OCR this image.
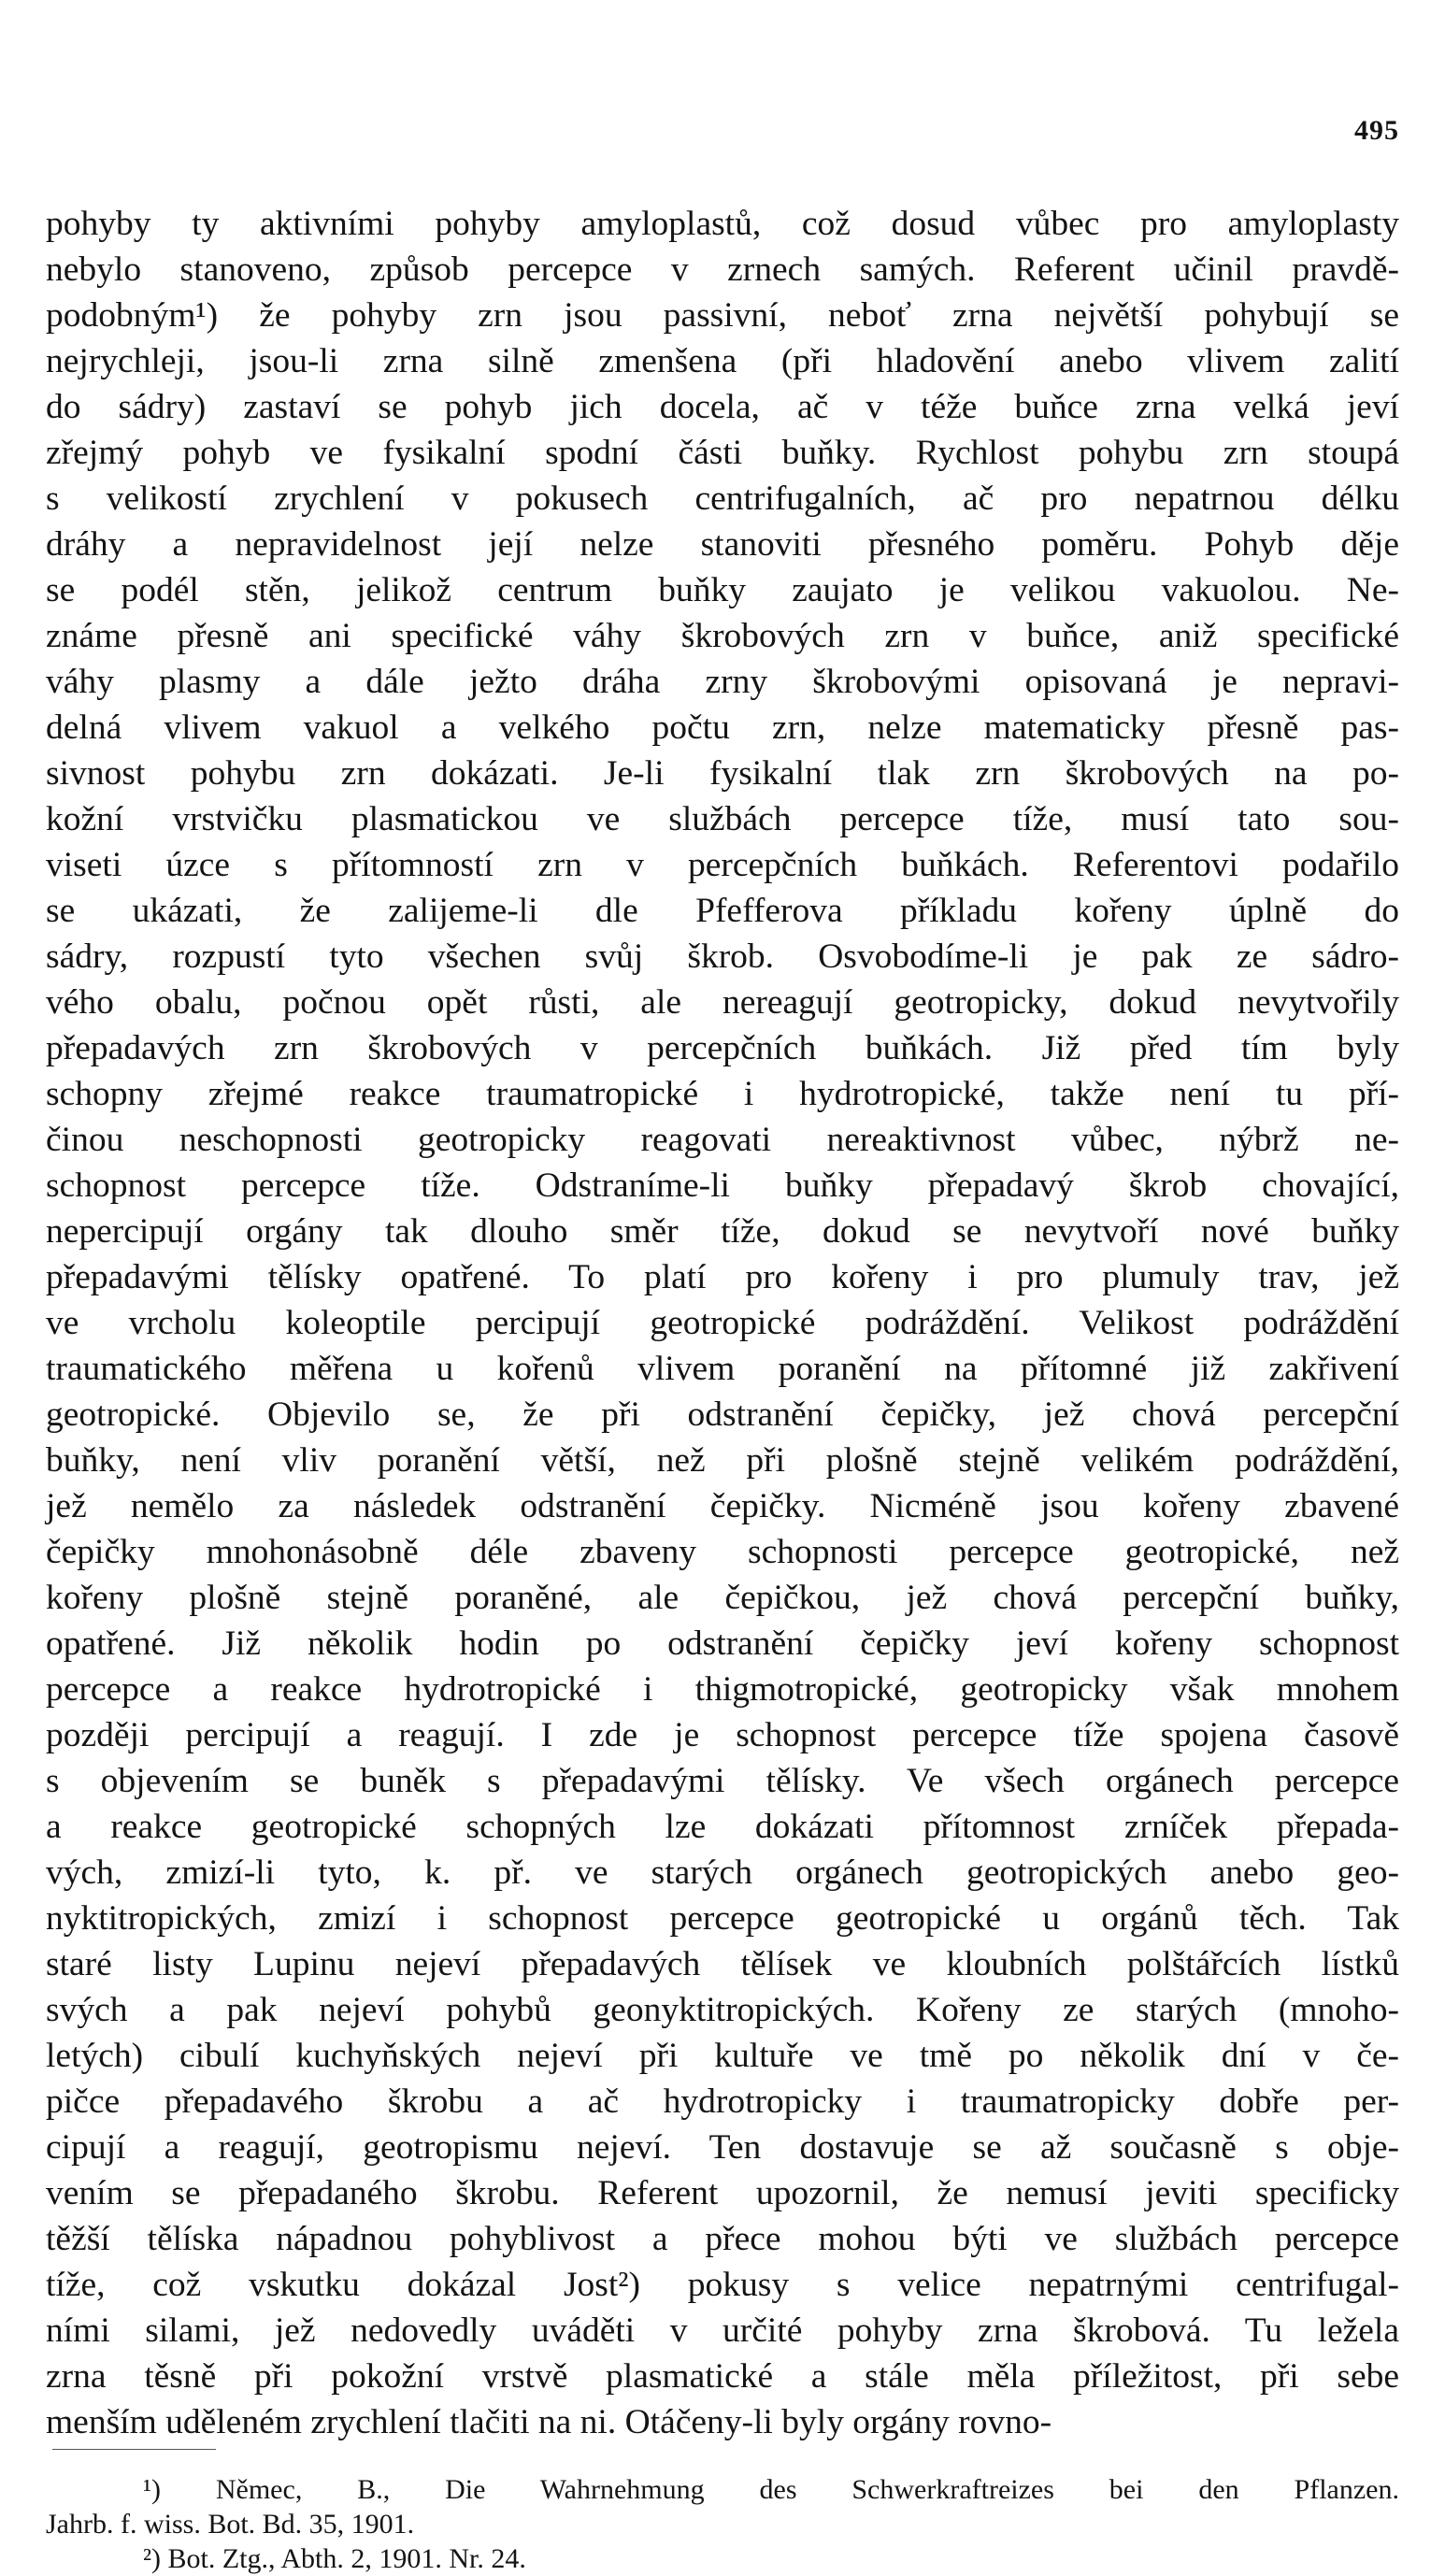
495
pohyby ty aktivními pohyby amyloplastů, což dosud vůbec pro amyloplasty
nebylo stanoveno, způsob percepce v zrnech samých. Referent učinil pravdě-
podobným¹) že pohyby zrn jsou passivní, neboť zrna největší pohybují se
nejrychleji, jsou-li zrna silně zmenšena (při hladovění anebo vlivem zalití
do sádry) zastaví se pohyb jich docela, ač v téže buňce zrna velká jeví
zřejmý pohyb ve fysikalní spodní části buňky. Rychlost pohybu zrn stoupá
s velikostí zrychlení v pokusech centrifugalních, ač pro nepatrnou délku
dráhy a nepravidelnost její nelze stanoviti přesného poměru. Pohyb děje
se podél stěn, jelikož centrum buňky zaujato je velikou vakuolou. Ne-
známe přesně ani specifické váhy škrobových zrn v buňce, aniž specifické
váhy plasmy a dále ježto dráha zrny škrobovými opisovaná je nepravi-
delná vlivem vakuol a velkého počtu zrn, nelze matematicky přesně pas-
sivnost pohybu zrn dokázati. Je-li fysikalní tlak zrn škrobových na po-
kožní vrstvičku plasmatickou ve službách percepce tíže, musí tato sou-
viseti úzce s přítomností zrn v percepčních buňkách. Referentovi podařilo
se ukázati, že zalijeme-li dle Pfefferova příkladu kořeny úplně do
sádry, rozpustí tyto všechen svůj škrob. Osvobodíme-li je pak ze sádro-
vého obalu, počnou opět růsti, ale nereagují geotropicky, dokud nevytvořily
přepadavých zrn škrobových v percepčních buňkách. Již před tím byly
schopny zřejmé reakce traumatropické i hydrotropické, takže není tu pří-
činou neschopnosti geotropicky reagovati nereaktivnost vůbec, nýbrž ne-
schopnost percepce tíže. Odstraníme-li buňky přepadavý škrob chovající,
nepercipují orgány tak dlouho směr tíže, dokud se nevytvoří nové buňky
přepadavými tělísky opatřené. To platí pro kořeny i pro plumuly trav, jež
ve vrcholu koleoptile percipují geotropické podráždění. Velikost podráždění
traumatického měřena u kořenů vlivem poranění na přítomné již zakřivení
geotropické. Objevilo se, že při odstranění čepičky, jež chová percepční
buňky, není vliv poranění větší, než při plošně stejně velikém podráždění,
jež nemělo za následek odstranění čepičky. Nicméně jsou kořeny zbavené
čepičky mnohonásobně déle zbaveny schopnosti percepce geotropické, než
kořeny plošně stejně poraněné, ale čepičkou, jež chová percepční buňky,
opatřené. Již několik hodin po odstranění čepičky jeví kořeny schopnost
percepce a reakce hydrotropické i thigmotropické, geotropicky však mnohem
později percipují a reagují. I zde je schopnost percepce tíže spojena časově
s objevením se buněk s přepadavými tělísky. Ve všech orgánech percepce
a reakce geotropické schopných lze dokázati přítomnost zrníček přepada-
vých, zmizí-li tyto, k. př. ve starých orgánech geotropických anebo geo-
nyktitropických, zmizí i schopnost percepce geotropické u orgánů těch. Tak
staré listy Lupinu nejeví přepadavých tělísek ve kloubních polštářcích lístků
svých a pak nejeví pohybů geonyktitropických. Kořeny ze starých (mnoho-
letých) cibulí kuchyňských nejeví při kultuře ve tmě po několik dní v če-
pičce přepadavého škrobu a ač hydrotropicky i traumatropicky dobře per-
cipují a reagují, geotropismu nejeví. Ten dostavuje se až současně s obje-
vením se přepadaného škrobu. Referent upozornil, že nemusí jeviti specificky
těžší tělíska nápadnou pohyblivost a přece mohou býti ve službách percepce
tíže, což vskutku dokázal Jost²) pokusy s velice nepatrnými centrifugal-
ními silami, jež nedovedly uváděti v určité pohyby zrna škrobová. Tu ležela
zrna těsně při pokožní vrstvě plasmatické a stále měla příležitost, při sebe
menším uděleném zrychlení tlačiti na ni. Otáčeny-li byly orgány rovno-
¹) Němec, B., Die Wahrnehmung des Schwerkraftreizes bei den Pflanzen.
Jahrb. f. wiss. Bot. Bd. 35, 1901.
²) Bot. Ztg., Abth. 2, 1901. Nr. 24.
